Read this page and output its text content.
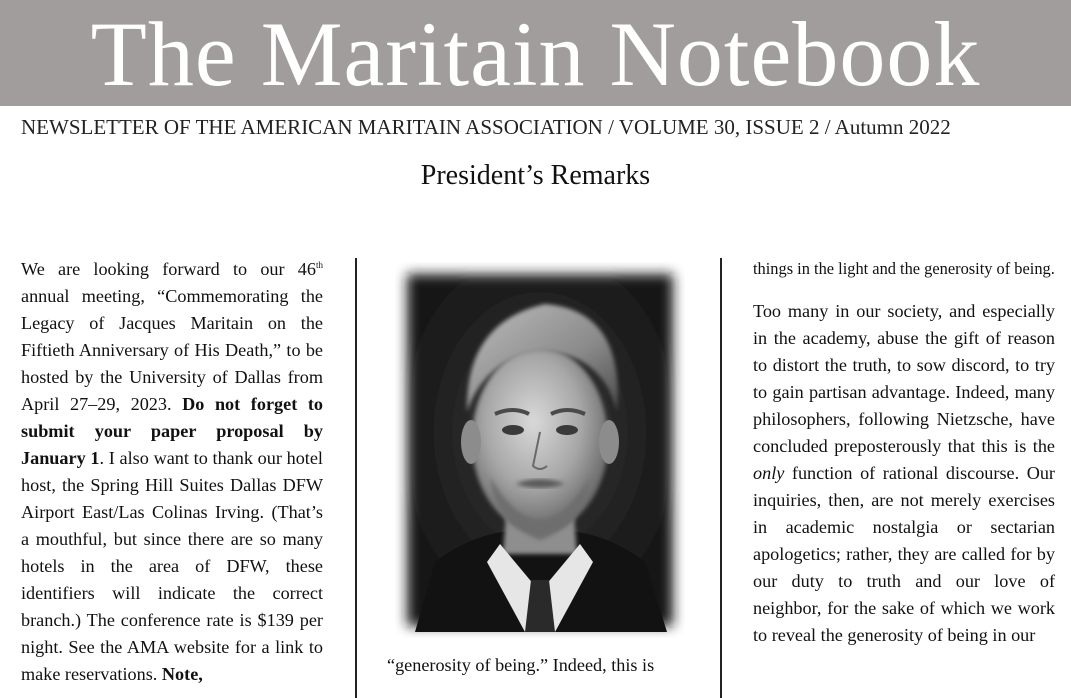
The Maritain Notebook
NEWSLETTER OF THE AMERICAN MARITAIN ASSOCIATION / VOLUME 30, ISSUE 2 / Autumn 2022
President’s Remarks

We are looking forward to our 46th annual meeting, “Commemorating the Legacy of Jacques Maritain on the Fiftieth Anniversary of His Death,” to be hosted by the University of Dallas from April 27–29, 2023. Do not forget to submit your paper proposal by January 1. I also want to thank our hotel host, the Spring Hill Suites Dallas DFW Airport East/Las Colinas Irving. (That’s a mouthful, but since there are so many hotels in the area of DFW, these identifiers will indicate the correct branch.) The conference rate is $139 per night. See the AMA website for a link to make reservations. Note,	“generosity of being.” Indeed, this is

things in the light and the generosity of being.

Too many in our society, and especially in the academy, abuse the gift of reason to distort the truth, to sow discord, to try to gain partisan advantage. Indeed, many philosophers, following Nietzsche, have concluded preposterously that this is the only function of rational discourse. Our inquiries, then, are not merely exercises in academic nostalgia or sectarian apologetics; rather, they are called for by our duty to truth and our love of neighbor, for the sake of which we work to reveal the generosity of being in our
